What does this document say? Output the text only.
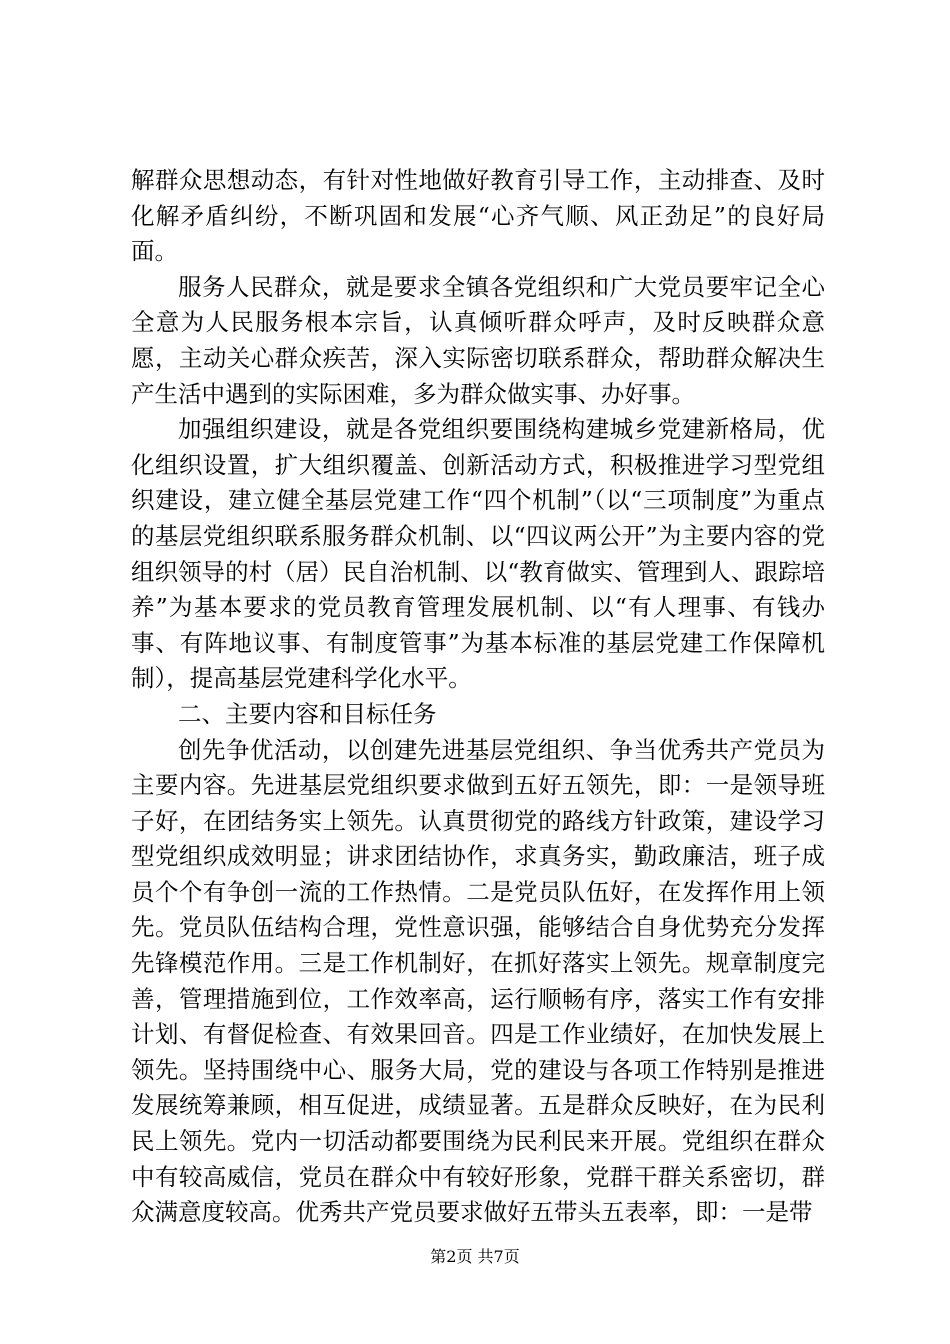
解群众思想动态，有针对性地做好教育引导工作，主动排查、及时化解矛盾纠纷，不断巩固和发展“心齐气顺、风正劲足”的良好局面。

服务人民群众，就是要求全镇各党组织和广大党员要牢记全心全意为人民服务根本宗旨，认真倾听群众呼声，及时反映群众意愿，主动关心群众疾苦，深入实际密切联系群众，帮助群众解决生产生活中遇到的实际困难，多为群众做实事、办好事。

加强组织建设，就是各党组织要围绕构建城乡党建新格局，优化组织设置，扩大组织覆盖、创新活动方式，积极推进学习型党组织建设，建立健全基层党建工作“四个机制”（以“三项制度”为重点的基层党组织联系服务群众机制、以“四议两公开”为主要内容的党组织领导的村（居）民自治机制、以“教育做实、管理到人、跟踪培养”为基本要求的党员教育管理发展机制、以“有人理事、有钱办事、有阵地议事、有制度管事”为基本标准的基层党建工作保障机制），提高基层党建科学化水平。

二、主要内容和目标任务

创先争优活动，以创建先进基层党组织、争当优秀共产党员为主要内容。先进基层党组织要求做到五好五领先，即：一是领导班子好，在团结务实上领先。认真贯彻党的路线方针政策，建设学习型党组织成效明显；讲求团结协作，求真务实，勤政廉洁，班子成员个个有争创一流的工作热情。二是党员队伍好，在发挥作用上领先。党员队伍结构合理，党性意识强，能够结合自身优势充分发挥先锋模范作用。三是工作机制好，在抓好落实上领先。规章制度完善，管理措施到位，工作效率高，运行顺畅有序，落实工作有安排计划、有督促检查、有效果回音。四是工作业绩好，在加快发展上领先。坚持围绕中心、服务大局，党的建设与各项工作特别是推进发展统筹兼顾，相互促进，成绩显著。五是群众反映好，在为民利民上领先。党内一切活动都要围绕为民利民来开展。党组织在群众中有较高威信，党员在群众中有较好形象，党群干群关系密切，群众满意度较高。优秀共产党员要求做好五带头五表率，即：一是带

第2页 共7页
